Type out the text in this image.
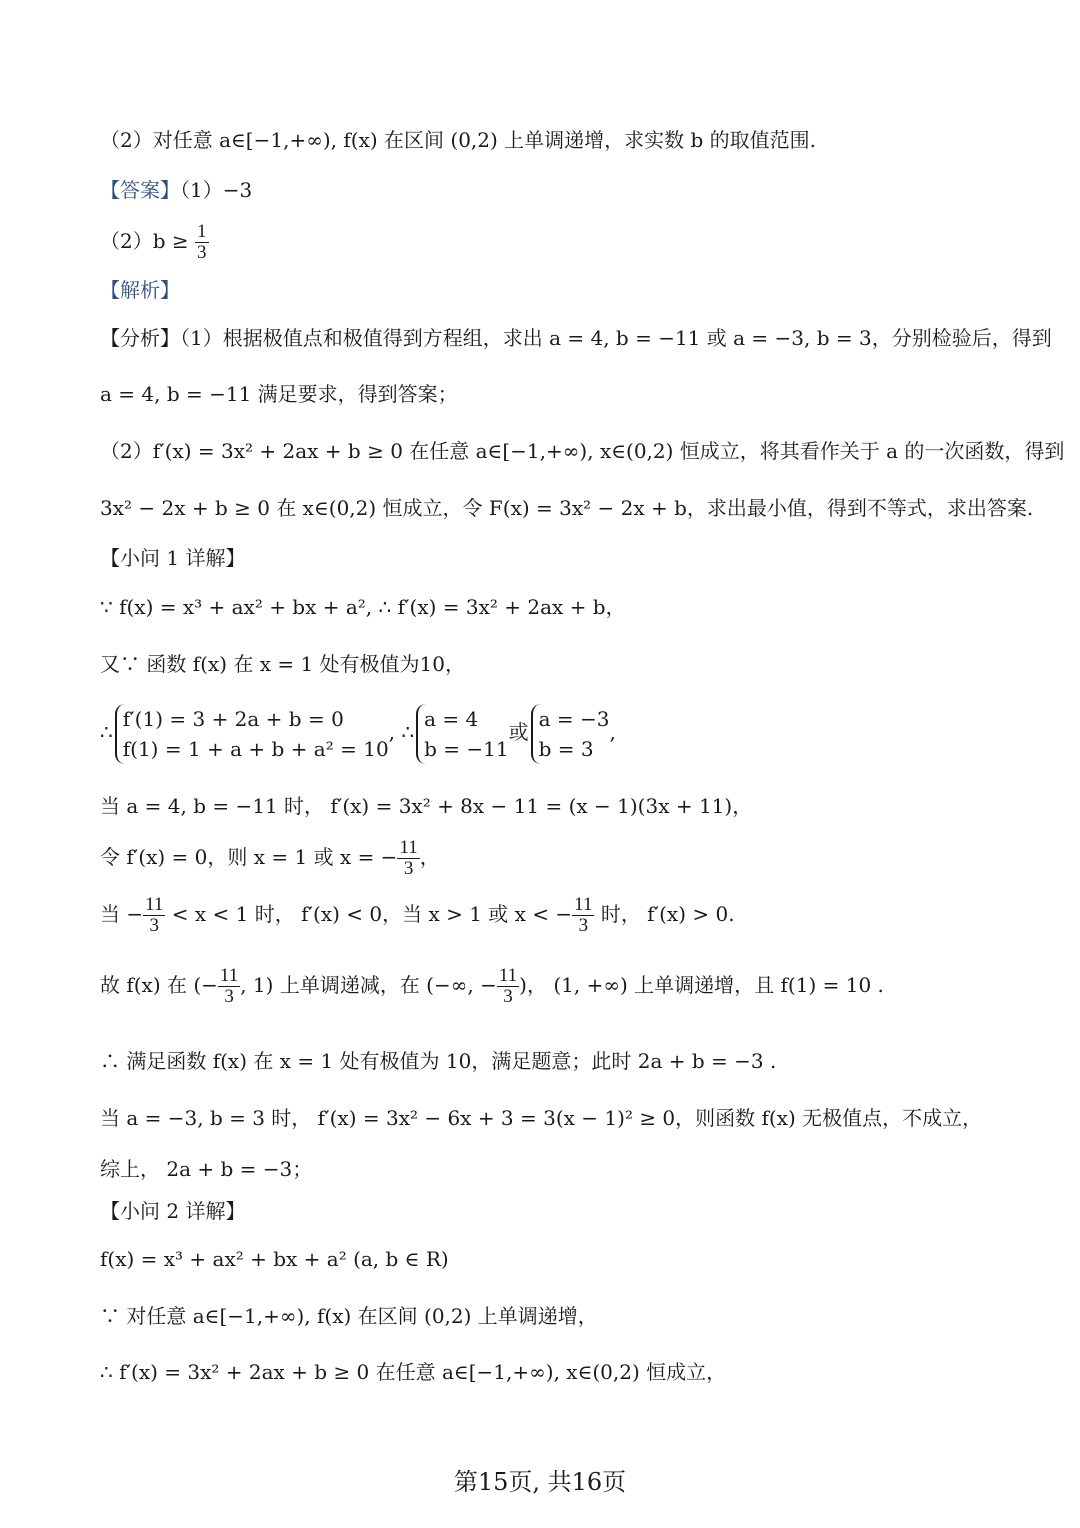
（2）对任意 a∈[−1,+∞), f(x) 在区间 (0,2) 上单调递增，求实数 b 的取值范围.
【答案】（1）−3
$(2)b \ge \frac{1}{3}$
【解析】
【分析】（1）根据极值点和极值得到方程组，求出 a = 4, b = −11 或 a = −3, b = 3，分别检验后，得到
a = 4, b = −11 满足要求，得到答案；
（2）f′(x) = 3x² + 2ax + b ≥ 0 在任意 a∈[−1,+∞), x∈(0,2) 恒成立，将其看作关于 a 的一次函数，得到
3x² − 2x + b ≥ 0 在 x∈(0,2) 恒成立，令 F(x) = 3x² − 2x + b，求出最小值，得到不等式，求出答案.
【小问 1 详解】
∵ f(x) = x³ + ax² + bx + a², ∴ f′(x) = 3x² + 2ax + b，
又∵ 函数 f(x) 在 x = 1 处有极值为10，
∴
f′(1) = 3 + 2a + b = 0
f(1) = 1 + a + b + a² = 10
, ∴
a = 4
b = −11
或
a = −3
b = 3
,
当 a = 4, b = −11 时， f′(x) = 3x² + 8x − 11 = (x − 1)(3x + 11)，
令 f′(x) = 0，则 x = 1 或 x = − $\frac{11}{3}$ ，
当 − $\frac{11}{3} < x < 1$ 时， f′(x) < 0，当 x > 1 或 x < − $\frac{11}{3}$ 时， f′(x) > 0.
故 f(x) 在 (− $\frac{11}{3}$ , 1) 上单调递减，在 (−∞, − $\frac{11}{3}$ )， (1, +∞) 上单调递增，且 f(1) = 10 .
∴ 满足函数 f(x) 在 x = 1 处有极值为 10，满足题意；此时 2a + b = −3 .
当 a = −3, b = 3 时， f′(x) = 3x² − 6x + 3 = 3(x − 1)² ≥ 0，则函数 f(x) 无极值点，不成立，
综上， 2a + b = −3；
【小问 2 详解】
f(x) = x³ + ax² + bx + a² (a, b ∈ R)
∵ 对任意 a∈[−1,+∞), f(x) 在区间 (0,2) 上单调递增，
∴ f′(x) = 3x² + 2ax + b ≥ 0 在任意 a∈[−1,+∞), x∈(0,2) 恒成立，
第15页, 共16页
